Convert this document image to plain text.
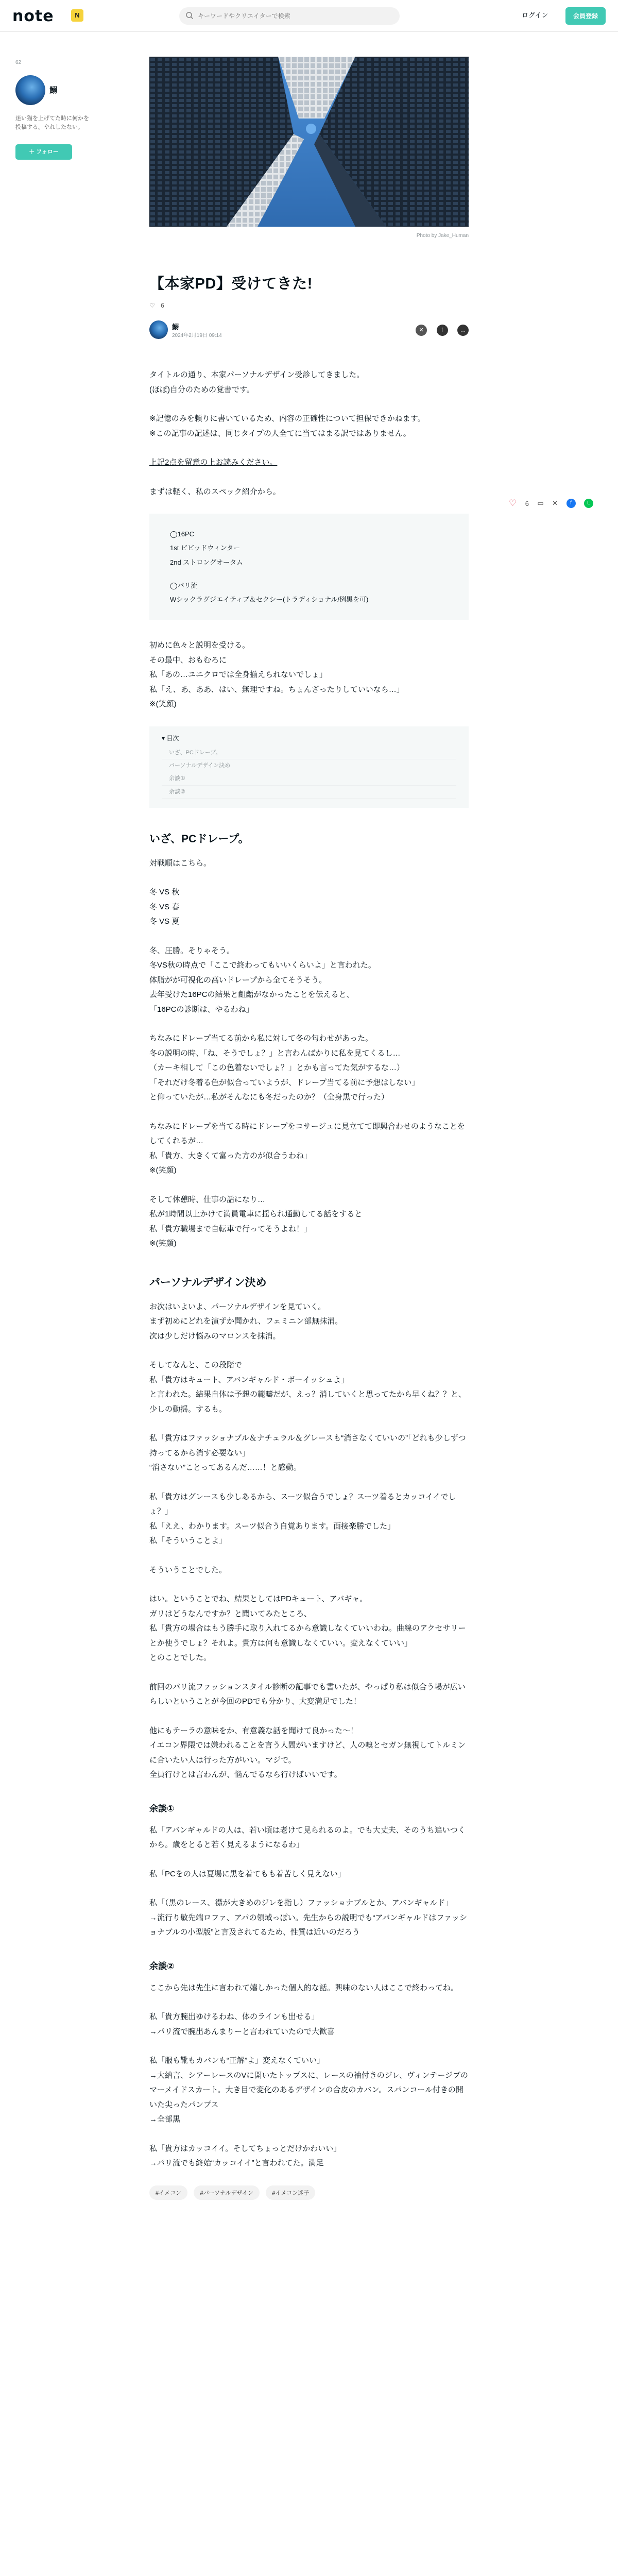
note	N
キーワードやクリエイターで検索	ログイン	会員登録
62
鰯
迷い猫を上げてた時に何かを投稿する。やれしたない。
＋ フォロー
Photo by Jake_Human
【本家PD】受けてきた!
♡ 6
鰯
2024年2月19日 09:14
✕	f	…

タイトルの通り、本家パーソナルデザイン受診してきました。
(ほぼ)自分のための覚書です。

※記憶のみを頼りに書いているため、内容の正確性について担保できかねます。
※この記事の記述は、同じタイプの人全てに当てはまる訳ではありません。

上記2点を留意の上お読みください。

まずは軽く、私のスペック紹介から。

◯16PC
1st ビビッドウィンター
2nd ストロングオータム
◯パリ流
Wシックラグジエイティブ＆セクシー(トラディショナル/例黒を可)

初めに色々と説明を受ける。
その最中、おもむろに
私「あの…ユニクロでは全身揃えられないでしょ」
私「え、あ、ああ、はい、無理ですね。ちょんざったりしていいなら…」
※(笑顔)

▾ 目次
いざ、PCドレープ。
パーソナルデザイン決め
余談①
余談②
いざ、PCドレープ。

対戦順はこちら。

冬 VS 秋
冬 VS 春
冬 VS 夏

冬、圧勝。そりゃそう。
冬VS秋の時点で「ここで終わってもいいくらいよ」と言われた。
体脂がが可視化の高いドレープから全てそうそう。
去年受けた16PCの結果と齟齬がなかったことを伝えると、
「16PCの診断は、やるわね」

ちなみにドレープ当てる前から私に対して冬の匂わせがあった。
冬の説明の時、「ね、そうでしょ？」と言わんばかりに私を見てくるし…
（カーキ相して「この色着ないでしょ？」とかも言ってた気がするな…）
「それだけ冬着る色が似合っていようが、ドレープ当てる前に予想はしない」
と仰っていたが…私がそんなにも冬だったのか？（全身黒で行った）

ちなみにドレープを当てる時にドレープをコサージュに見立てて即興合わせのようなことをしてくれるが…
私「貴方、大きくて富った方のが似合うわね」
※(笑顔)

そして休憩時、仕事の話になり…
私が1時間以上かけて満員電車に揺られ通勤してる話をすると
私「貴方職場まで自転車で行ってそうよね！」
※(笑顔)

パーソナルデザイン決め

お次はいよいよ、パーソナルデザインを見ていく。
まず初めにどれを演ずか聞かれ、フェミニン部無抹消。
次は少しだけ悩みのマロンスを抹消。

そしてなんと、この段階で
私「貴方はキュート、アバンギャルド・ボーイッシュよ」
と言われた。結果自体は予想の範疇だが、えっ？消していくと思ってたから早くね？？と、少しの動揺。するも。

私「貴方はファッショナブル＆ナチュラル＆グレースも“消さなくていいの”「どれも少しずつ持ってるから消す必要ない」
“消さない”ことってあるんだ……！と感動。

私「貴方はグレースも少しあるから、スーツ似合うでしょ？スーツ着るとカッコイイでしょ？」
私「ええ、わかります。スーツ似合う自覚あります。面接楽勝でした」
私「そういうことよ」

そういうことでした。

はい。ということでね、結果としてはPDキュート、アバギャ。
ガリはどうなんですか？と聞いてみたところ、
私「貴方の場合はもう勝手に取り入れてるから意識しなくていいわね。曲線のアクセサリーとか使うでしょ？それよ。貴方は何も意識しなくていい。変えなくていい」
とのことでした。

前回のパリ流ファッションスタイル診断の記事でも書いたが、やっぱり私は似合う場が広いらしいということが今回のPDでも分かり、大変満足でした！

他にもテーラの意味をか、有意義な話を聞けて良かった～！
イエコン界隈では嫌われることを言う人間がいますけど、人の嗅とセガン無視してトルミンに合いたい人は行った方がいい。マジで。
全員行けとは言わんが、悩んでるなら行けばいいです。

余談①

私「アバンギャルドの人は、若い頃は老けて見られるのよ。でも大丈夫、そのうち追いつくから。歳をとると若く見えるようになるわ」

私「PCをの人は夏場に黒を着てもも着苦しく見えない」

私「（黒のレース、襟が大きめのジレを指し）ファッショナブルとか、アバンギャルド」
→流行り敏先端ロファ、アパの領域っぽい。先生からの説明でも“アバンギャルドはファッショナブルの小型版”と言及されてるため、性質は近いのだろう

余談②

ここから先は先生に言われて嬉しかった個人的な話。興味のない人はここで終わってね。

私「貴方腕出ゆけるわね、体のラインも出せる」
→パリ流で腕出あんまりーと言われていたので大歓喜

私「服も靴もカバンも“正解”よ」変えなくていい」
→大納言、シアーレースのVに開いたトップスに、レースの袖付きのジレ、ヴィンテージブのマーメイドスカート。大き目で変化のあるデザインの合皮のカバン。スパンコール付きの開いた尖ったパンプス
→全部黒

私「貴方はカッコイイ。そしてちょっとだけかわいい」
→パリ流でも終始“カッコイイ”と言われてた。満足

#イメコン	#パーソナルデザイン	#イメコン迷子
♡ 6 ▭ ✕ f	L
